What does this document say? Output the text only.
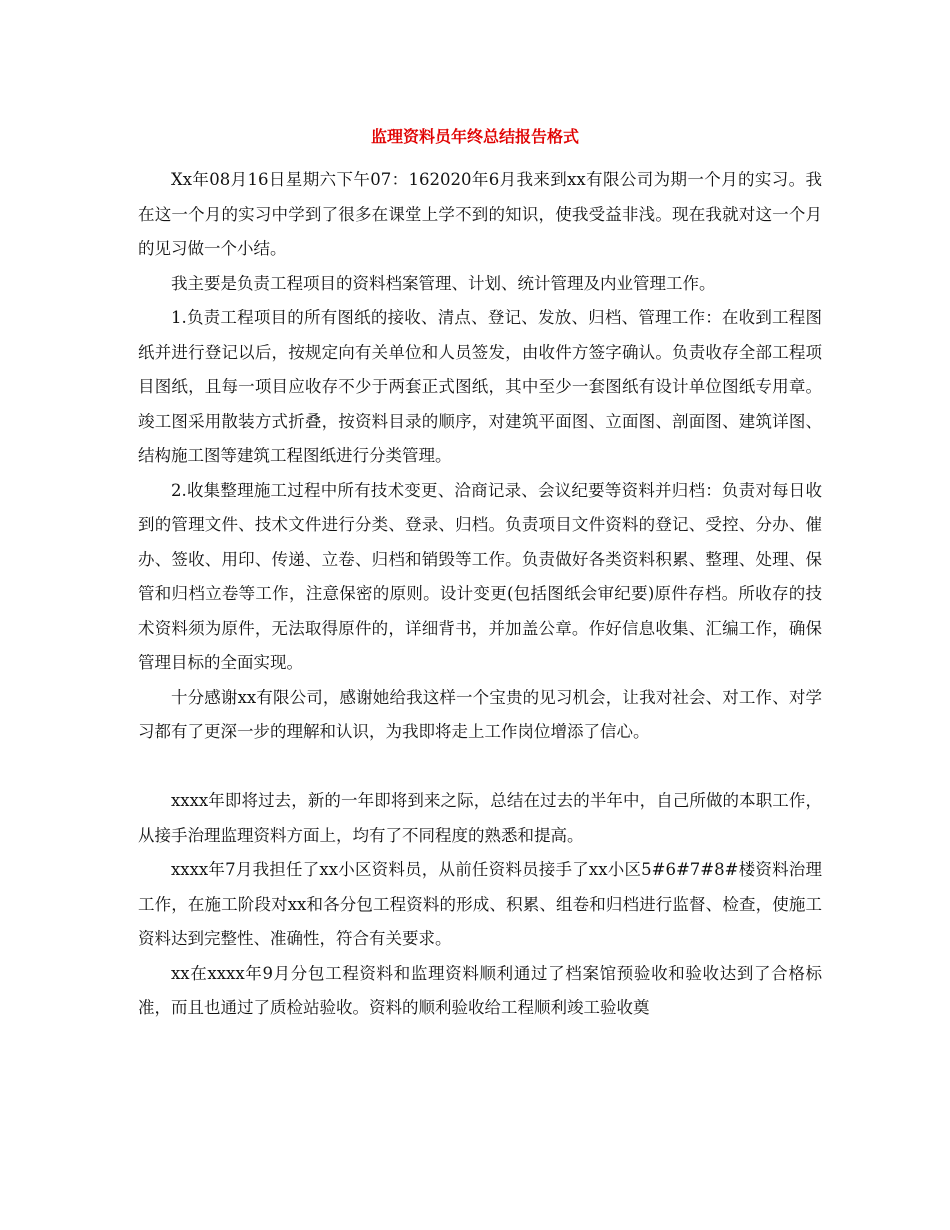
监理资料员年终总结报告格式

Xx年08月16日星期六下午07：162020年6月我来到xx有限公司为期一个月的实习。我在这一个月的实习中学到了很多在课堂上学不到的知识，使我受益非浅。现在我就对这一个月的见习做一个小结。

我主要是负责工程项目的资料档案管理、计划、统计管理及内业管理工作。

1.负责工程项目的所有图纸的接收、清点、登记、发放、归档、管理工作：在收到工程图纸并进行登记以后，按规定向有关单位和人员签发，由收件方签字确认。负责收存全部工程项目图纸，且每一项目应收存不少于两套正式图纸，其中至少一套图纸有设计单位图纸专用章。竣工图采用散装方式折叠，按资料目录的顺序，对建筑平面图、立面图、剖面图、建筑详图、结构施工图等建筑工程图纸进行分类管理。

2.收集整理施工过程中所有技术变更、洽商记录、会议纪要等资料并归档：负责对每日收到的管理文件、技术文件进行分类、登录、归档。负责项目文件资料的登记、受控、分办、催办、签收、用印、传递、立卷、归档和销毁等工作。负责做好各类资料积累、整理、处理、保管和归档立卷等工作，注意保密的原则。设计变更(包括图纸会审纪要)原件存档。所收存的技术资料须为原件，无法取得原件的，详细背书，并加盖公章。作好信息收集、汇编工作，确保管理目标的全面实现。

十分感谢xx有限公司，感谢她给我这样一个宝贵的见习机会，让我对社会、对工作、对学习都有了更深一步的理解和认识，为我即将走上工作岗位增添了信心。

xxxx年即将过去，新的一年即将到来之际，总结在过去的半年中，自己所做的本职工作，从接手治理监理资料方面上，均有了不同程度的熟悉和提高。

xxxx年7月我担任了xx小区资料员，从前任资料员接手了xx小区5#6#7#8#楼资料治理工作，在施工阶段对xx和各分包工程资料的形成、积累、组卷和归档进行监督、检查，使施工资料达到完整性、准确性，符合有关要求。

xx在xxxx年9月分包工程资料和监理资料顺利通过了档案馆预验收和验收达到了合格标准，而且也通过了质检站验收。资料的顺利验收给工程顺利竣工验收奠
